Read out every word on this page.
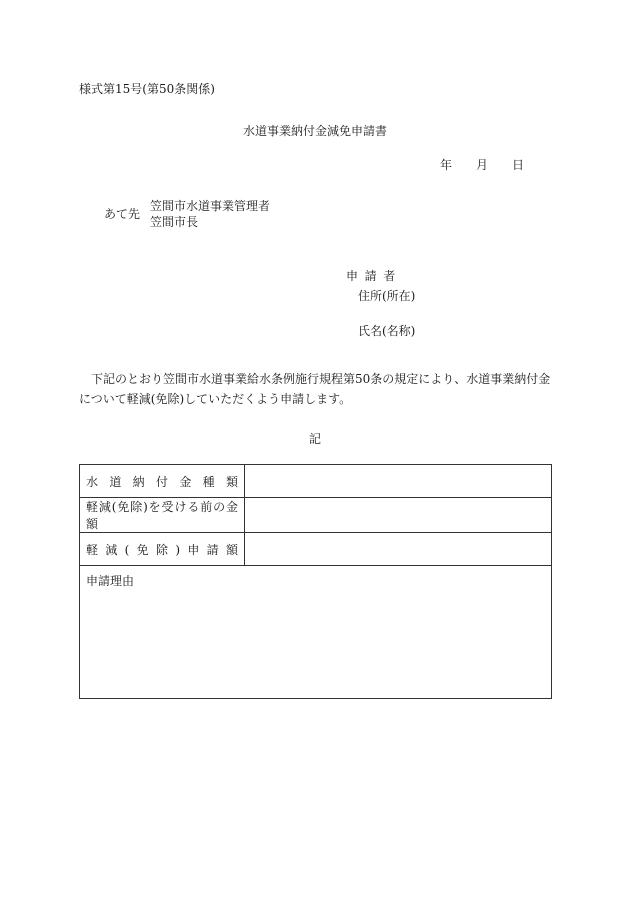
様式第15号(第50条関係)
水道事業納付金減免申請書
年 月 日
あて先
笠間市水道事業管理者
笠間市長
申請者
住所(所在)
氏名(名称)
下記のとおり笠間市水道事業給水条例施行規程第50条の規定により、水道事業納付金について軽減(免除)していただくよう申請します。
記
水道納付金種類	
軽減(免除)を受ける前の金額	
軽減(免除)申請額	
申請理由	
